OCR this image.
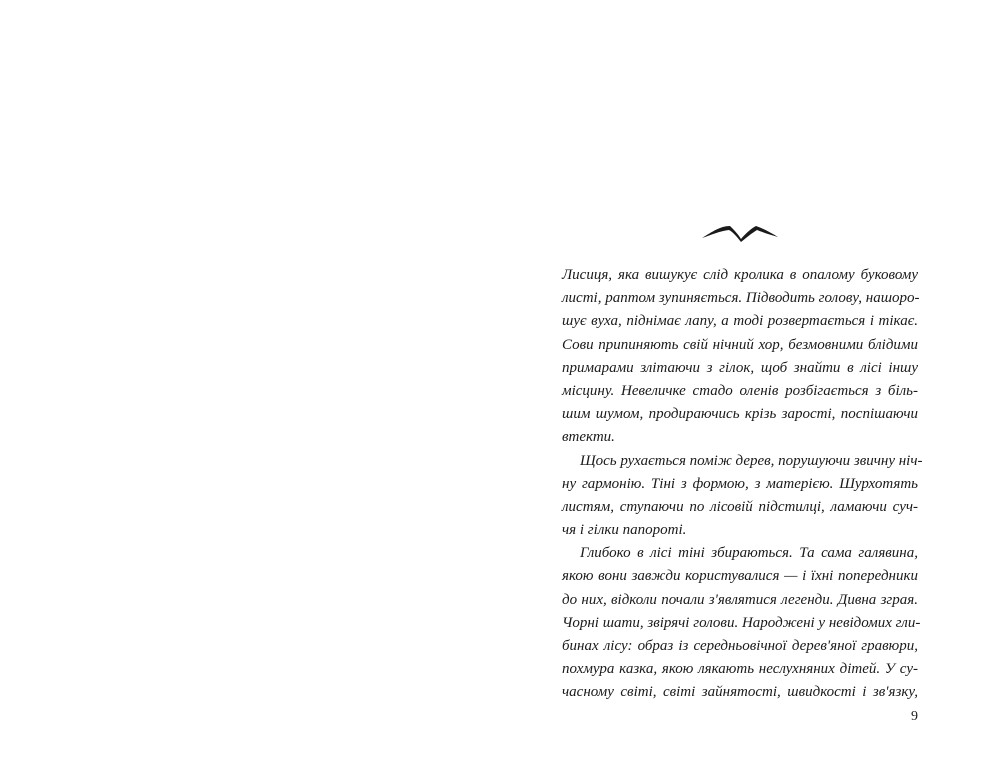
Лисиця, яка вишукує слід кролика в опалому буковому
листі, раптом зупиняється. Підводить голову, нашоро-
шує вуха, піднімає лапу, а тоді розвертається і тікає.
Сови припиняють свій нічний хор, безмовними блідими
примарами злітаючи з гілок, щоб знайти в лісі іншу
місцину. Невеличке стадо оленів розбігається з біль-
шим шумом, продираючись крізь зарості, поспішаючи
втекти.
Щось рухається поміж дерев, порушуючи звичну ніч-
ну гармонію. Тіні з формою, з матерією. Шурхотять
листям, ступаючи по лісовій підстилці, ламаючи суч-
чя і гілки папороті.
Глибоко в лісі тіні збираються. Та сама галявина,
якою вони завжди користувалися — і їхні попередники
до них, відколи почали з'являтися легенди. Дивна зграя.
Чорні шати, звірячі голови. Народжені у невідомих гли-
бинах лісу: образ із середньовічної дерев'яної гравюри,
похмура казка, якою лякають неслухняних дітей. У су-
часному світі, світі зайнятості, швидкості і зв'язку,
9
